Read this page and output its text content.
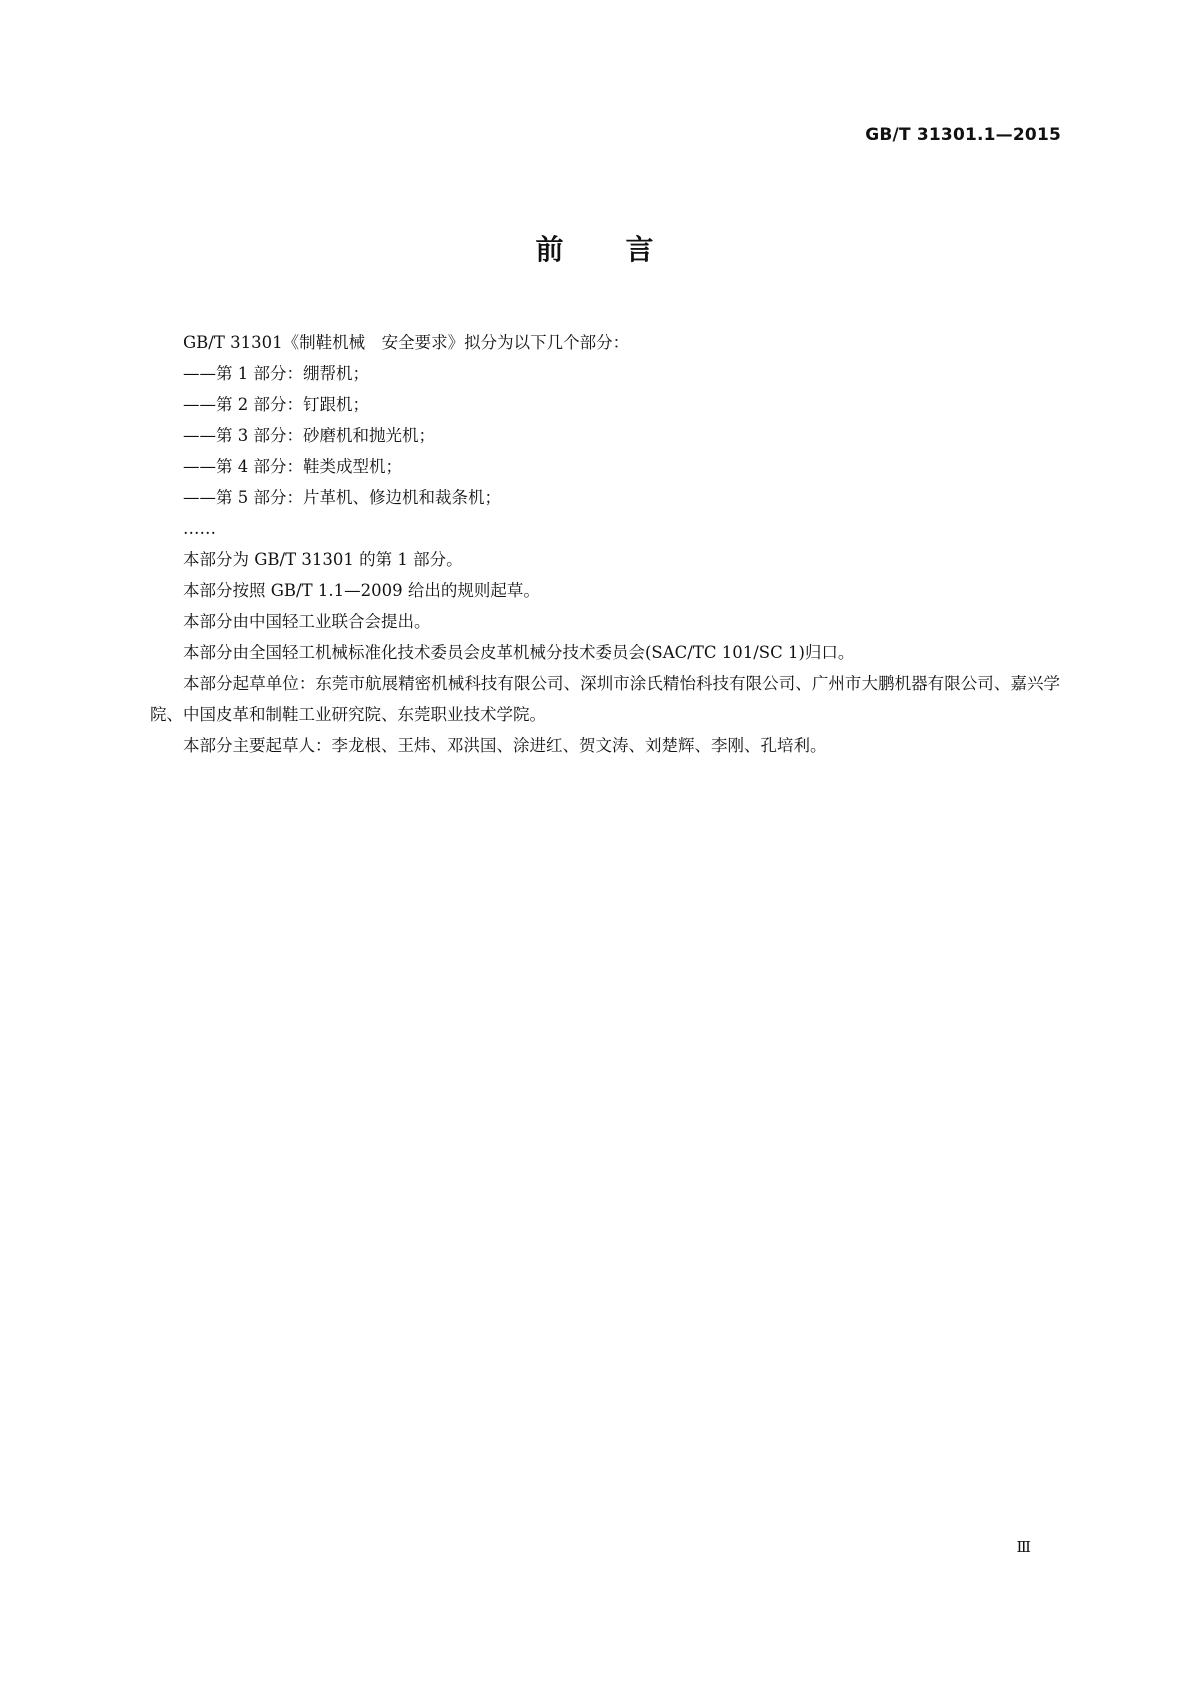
GB/T 31301.1—2015
前　　言

GB/T 31301《制鞋机械　安全要求》拟分为以下几个部分：

——第 1 部分：绷帮机；

——第 2 部分：钉跟机；

——第 3 部分：砂磨机和抛光机；

——第 4 部分：鞋类成型机；

——第 5 部分：片革机、修边机和裁条机；

……

本部分为 GB/T 31301 的第 1 部分。

本部分按照 GB/T 1.1—2009 给出的规则起草。

本部分由中国轻工业联合会提出。

本部分由全国轻工机械标准化技术委员会皮革机械分技术委员会(SAC/TC 101/SC 1)归口。

本部分起草单位：东莞市航展精密机械科技有限公司、深圳市涂氏精怡科技有限公司、广州市大鹏机器有限公司、嘉兴学院、中国皮革和制鞋工业研究院、东莞职业技术学院。

本部分主要起草人：李龙根、王炜、邓洪国、涂进红、贺文涛、刘楚辉、李刚、孔培利。

Ⅲ
